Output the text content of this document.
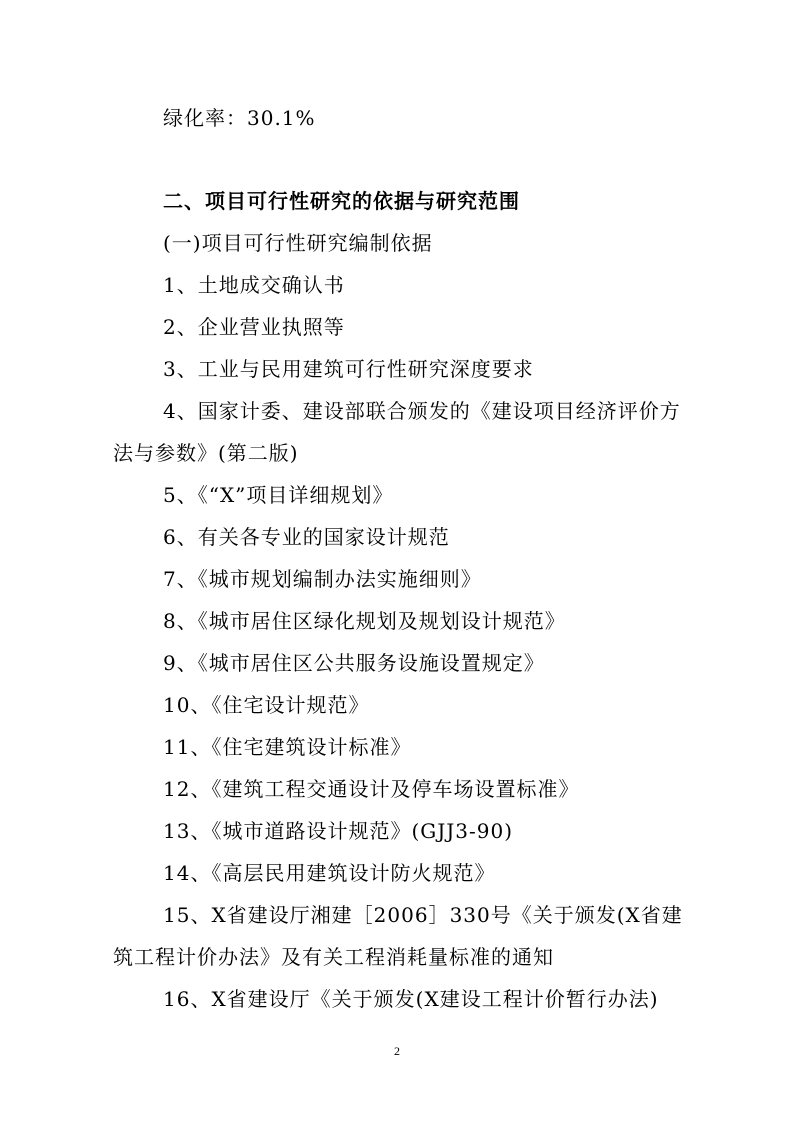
绿化率：30.1%
二、项目可行性研究的依据与研究范围
(一)项目可行性研究编制依据
1、土地成交确认书
2、企业营业执照等
3、工业与民用建筑可行性研究深度要求
4、国家计委、建设部联合颁发的《建设项目经济评价方
法与参数》(第二版)
5、《“X”项目详细规划》
6、有关各专业的国家设计规范
7、《城市规划编制办法实施细则》
8、《城市居住区绿化规划及规划设计规范》
9、《城市居住区公共服务设施设置规定》
10、《住宅设计规范》
11、《住宅建筑设计标准》
12、《建筑工程交通设计及停车场设置标准》
13、《城市道路设计规范》(GJJ3-90)
14、《高层民用建筑设计防火规范》
15、X省建设厅湘建［2006］330号《关于颁发(X省建
筑工程计价办法》及有关工程消耗量标准的通知
16、X省建设厅《关于颁发(X建设工程计价暂行办法)
2
